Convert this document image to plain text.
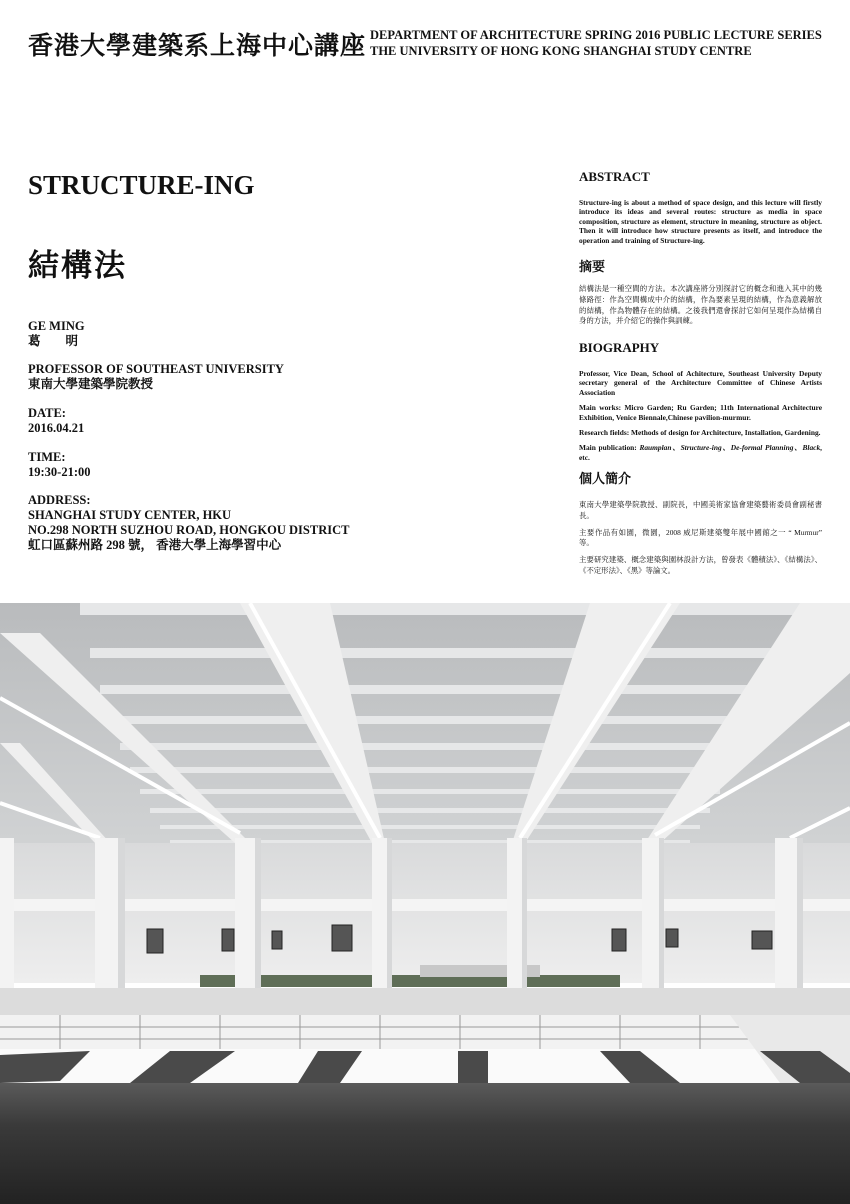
香港大學建築系上海中心講座 DEPARTMENT OF ARCHITECTURE SPRING 2016 PUBLIC LECTURE SERIES
THE UNIVERSITY OF HONG KONG SHANGHAI STUDY CENTRE
STRUCTURE-ING
結構法
GE MING
葛　　明
PROFESSOR OF SOUTHEAST UNIVERSITY
東南大學建築學院教授
DATE:
2016.04.21
TIME:
19:30-21:00
ADDRESS:
SHANGHAI STUDY CENTER, HKU
NO.298 NORTH SUZHOU ROAD, HONGKOU DISTRICT
虹口區蘇州路 298 號， 香港大學上海學習中心
ABSTRACT
Structure-ing is about a method of space design, and this lecture will firstly introduce its ideas and several routes: structure as media in space composition, structure as element, structure in meaning, structure as object. Then it will introduce how structure presents as itself, and introduce the operation and training of Structure-ing.
摘要
結構法是一種空間的方法。本次講座將分別探討它的概念和進入其中的幾條路徑：作為空間構成中介的結構，作為要素呈現的結構，作為意義解放的結構，作為物體存在的結構。之後我們還會探討它如何呈現作為結構自身的方法，并介紹它的操作與訓練。
BIOGRAPHY

Professor, Vice Dean, School of Achitecture, Southeast University Deputy secretary general of the Architecture Committee of Chinese Artists Association

Main works: Micro Garden; Ru Garden; 11th International Architecture Exhibition, Venice Biennale,Chinese pavilion-murmur.

Research fields: Methods of design for Architecture, Installation, Gardening.

Main publication: Raumplan、Structure-ing、De-formal Planning、Black, etc.

個人簡介

東南大學建築學院教授、副院長，中國美術家協會建築藝術委員會副秘書長。

主要作品有如園，微園，2008 威尼斯建築雙年展中國館之一 “ Murmur” 等。

主要研究建築、概念建築與園林設計方法，曾發表《體積法》、《結構法》、《不定形法》、《黑》等論文。
